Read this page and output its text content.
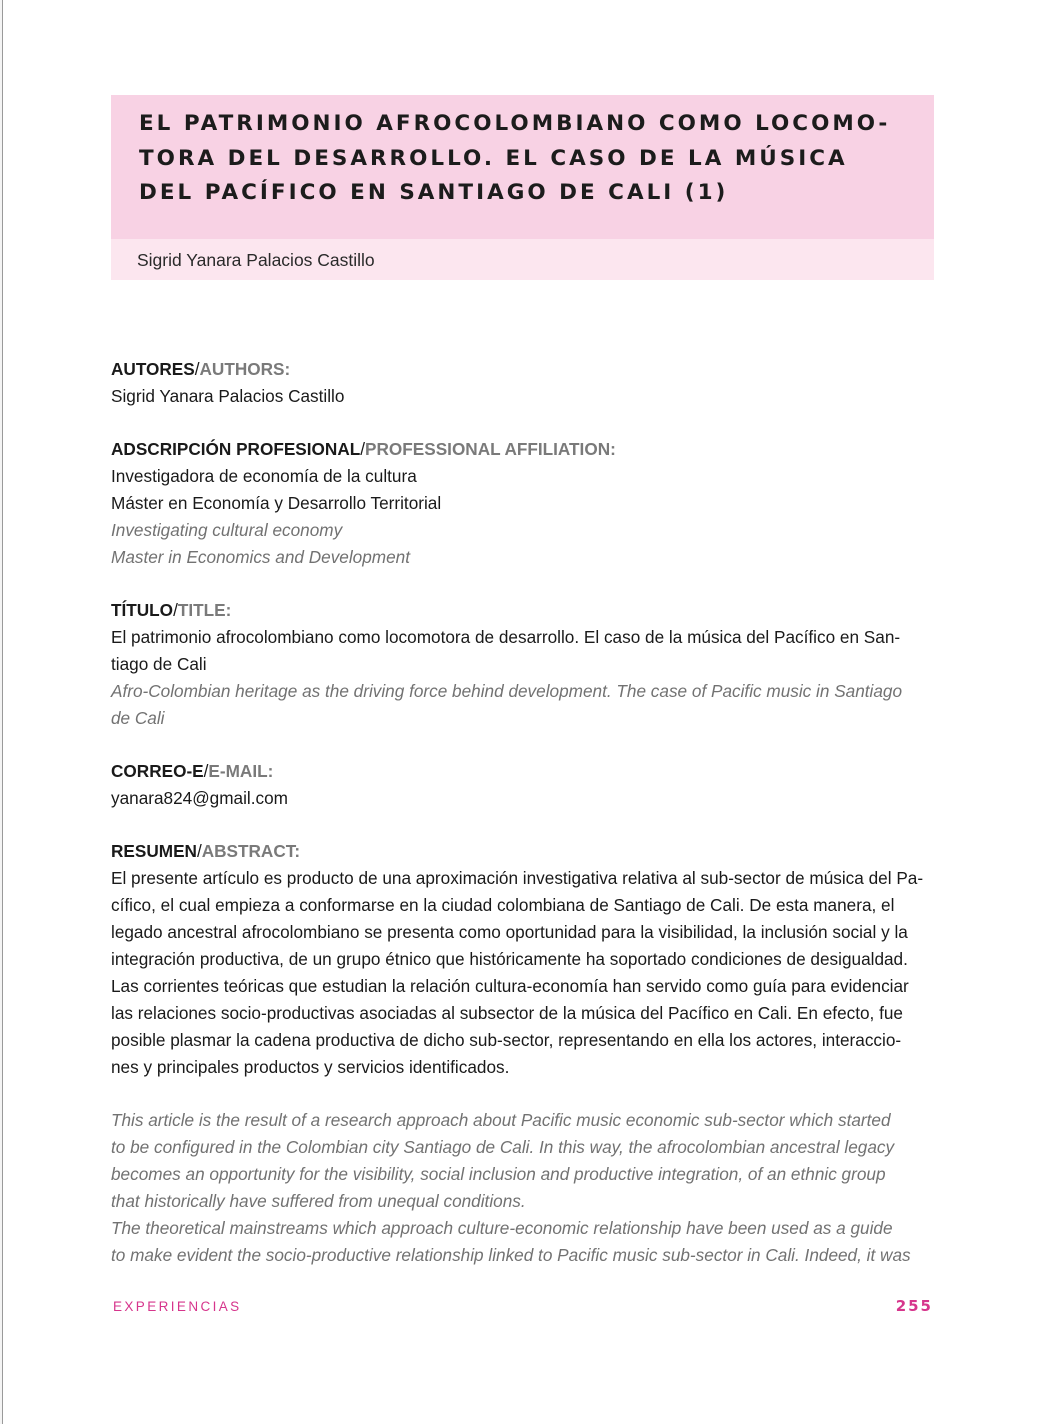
EL PATRIMONIO AFROCOLOMBIANO COMO LOCOMO-
TORA DEL DESARROLLO. EL CASO DE LA MÚSICA
DEL PACÍFICO EN SANTIAGO DE CALI (1)
Sigrid Yanara Palacios Castillo
AUTORES/AUTHORS:
Sigrid Yanara Palacios Castillo
ADSCRIPCIÓN PROFESIONAL/PROFESSIONAL AFFILIATION:
Investigadora de economía de la cultura
Máster en Economía y Desarrollo Territorial
Investigating cultural economy
Master in Economics and Development
TÍTULO/TITLE:
El patrimonio afrocolombiano como locomotora de desarrollo. El caso de la música del Pacífico en San-
tiago de Cali
Afro-Colombian heritage as the driving force behind development. The case of Pacific music in Santiago
de Cali
CORREO-E/E-MAIL:
yanara824@gmail.com
RESUMEN/ABSTRACT:
El presente artículo es producto de una aproximación investigativa relativa al sub-sector de música del Pa-
cífico, el cual empieza a conformarse en la ciudad colombiana de Santiago de Cali. De esta manera, el
legado ancestral afrocolombiano se presenta como oportunidad para la visibilidad, la inclusión social y la
integración productiva, de un grupo étnico que históricamente ha soportado condiciones de desigualdad.
Las corrientes teóricas que estudian la relación cultura-economía han servido como guía para evidenciar
las relaciones socio-productivas asociadas al subsector de la música del Pacífico en Cali. En efecto, fue
posible plasmar la cadena productiva de dicho sub-sector, representando en ella los actores, interaccio-
nes y principales productos y servicios identificados.
This article is the result of a research approach about Pacific music economic sub-sector which started
to be configured in the Colombian city Santiago de Cali. In this way, the afrocolombian ancestral legacy
becomes an opportunity for the visibility, social inclusion and productive integration, of an ethnic group
that historically have suffered from unequal conditions.
The theoretical mainstreams which approach culture-economic relationship have been used as a guide
to make evident the socio-productive relationship linked to Pacific music sub-sector in Cali. Indeed, it was
EXPERIENCIAS	255
